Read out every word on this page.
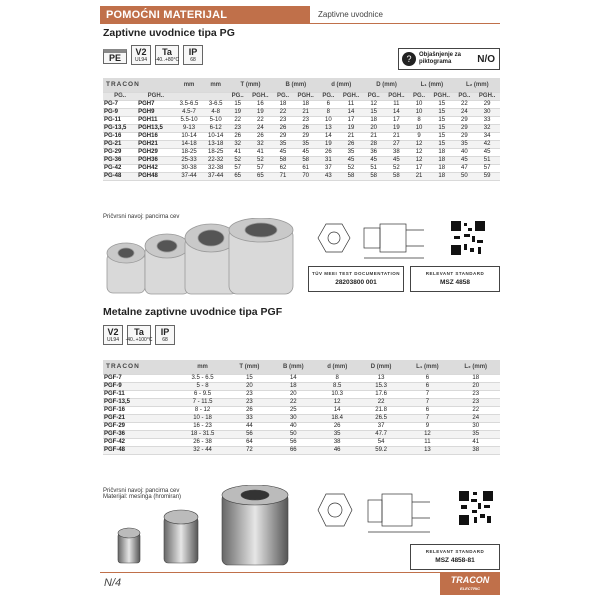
POMOĆNI MATERIJAL	Zaptivne uvodnice
Zaptivne uvodnice tipa PG
PE
V2
UL94
Ta
-40..+80°C
IP
68	?	Objašnjenje za piktograma	N/O
TRACON		mm	mm	T (mm)		B (mm)		d (mm)		D (mm)		L₁ (mm)		L₂ (mm)	
PG..	PGH..			PG..	PGH..	PG..	PGH..	PG..	PGH..	PG..	PGH..	PG..	PGH..	PG..	PGH..
PG-7	PGH7	3.5-6.5	3-6.5	15	16	18	18	6	11	12	11	10	15	22	29
PG-9	PGH9	4.5-7	4-8	19	19	22	21	8	14	15	14	10	15	24	30
PG-11	PGH11	5.5-10	5-10	22	22	23	23	10	17	18	17	8	15	29	33
PG-13,5	PGH13,5	9-13	6-12	23	24	26	26	13	19	20	19	10	15	29	32
PG-16	PGH16	10-14	10-14	26	26	29	29	14	21	21	21	9	15	29	34
PG-21	PGH21	14-18	13-18	32	32	35	35	19	26	28	27	12	15	35	42
PG-29	PGH29	18-25	18-25	41	41	45	45	26	35	36	38	12	18	40	45
PG-36	PGH36	25-33	22-32	52	52	58	58	31	45	45	45	12	18	45	51
PG-42	PGH42	30-38	32-38	57	57	62	61	37	52	51	52	17	18	47	57
PG-48	PGH48	37-44	37-44	65	65	71	70	43	58	58	58	21	18	50	59
Pričvrsni navoj: pancirna cev
TÜV MEEI TEST DOCUMENTATION
28203800 001
RELEVANT STANDARD
MSZ 4858
Metalne zaptivne uvodnice tipa PGF
V2
UL94
Ta
-40..+100°C
IP
68
TRACON	mm	T (mm)	B (mm)	d (mm)	D (mm)	L₁ (mm)	L₂ (mm)
PGF-7	3.5 - 6.5	15	14	8	13	6	18
PGF-9	5 - 8	20	18	8.5	15.3	6	20
PGF-11	6 - 9.5	23	20	10.3	17.6	7	23
PGF-13,5	7 - 11.5	23	22	12	22	7	23
PGF-16	8 - 12	26	25	14	21.8	6	22
PGF-21	10 - 18	33	30	18.4	26.5	7	24
PGF-29	16 - 23	44	40	26	37	9	30
PGF-36	18 - 31.5	56	50	35	47.7	12	35
PGF-42	26 - 38	64	56	38	54	11	41
PGF-48	32 - 44	72	66	46	59.2	13	38
Pričvrsni navoj: pancirna cev
Materijal: mesinga (hromiran)
RELEVANT STANDARD
MSZ 4858-81
N/4	TRACON
ELECTRIC
